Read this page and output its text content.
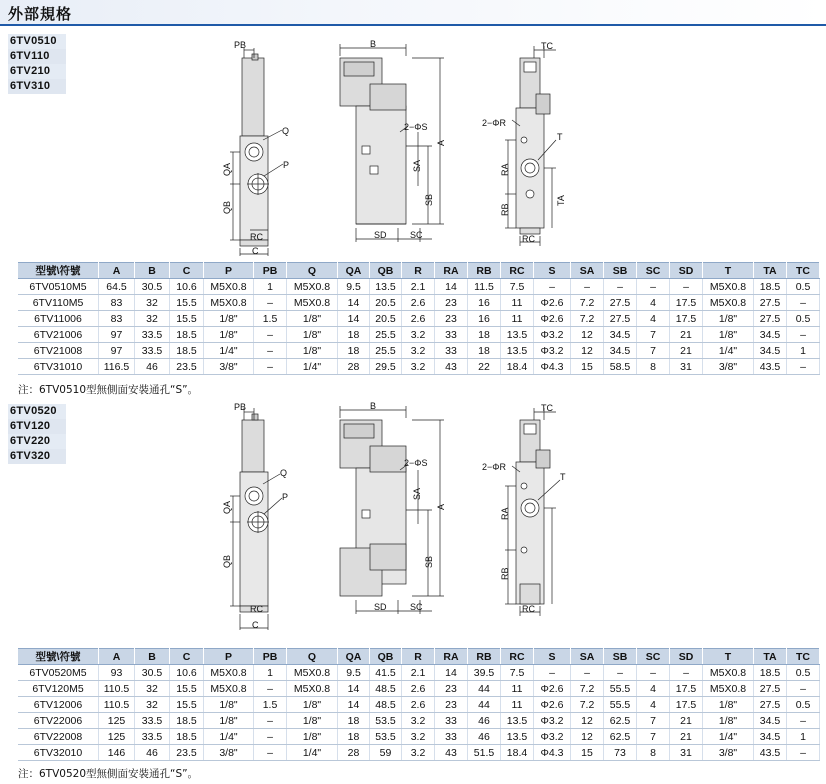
外部規格
6TV0510
6TV110
6TV210
6TV310
PB
Q
P
QA
QB
RC
C
B
2−ΦS
SA
A
SB
SD	SC
TC
2−ΦR
T
RA
RB
TA
RC
型號\符號	A	B	C	P	PB	Q	QA	QB	R	RA	RB	RC	S	SA	SB	SC	SD	T	TA	TC
6TV0510M5	64.5	30.5	10.6	M5X0.8	1	M5X0.8	9.5	13.5	2.1	14	11.5	7.5	–	–	–	–	–	M5X0.8	18.5	0.5
6TV110M5	83	32	15.5	M5X0.8	–	M5X0.8	14	20.5	2.6	23	16	11	Φ2.6	7.2	27.5	4	17.5	M5X0.8	27.5	–
6TV11006	83	32	15.5	1/8"	1.5	1/8"	14	20.5	2.6	23	16	11	Φ2.6	7.2	27.5	4	17.5	1/8"	27.5	0.5
6TV21006	97	33.5	18.5	1/8"	–	1/8"	18	25.5	3.2	33	18	13.5	Φ3.2	12	34.5	7	21	1/8"	34.5	–
6TV21008	97	33.5	18.5	1/4"	–	1/8"	18	25.5	3.2	33	18	13.5	Φ3.2	12	34.5	7	21	1/4"	34.5	1
6TV31010	116.5	46	23.5	3/8"	–	1/4"	28	29.5	3.2	43	22	18.4	Φ4.3	15	58.5	8	31	3/8"	43.5	–
注：6TV0510型無側面安裝通孔“S”。
6TV0520
6TV120
6TV220
6TV320
PB
Q
P
QA
QB
RC
C
B
2−ΦS
SA
A
SB
SD	SC
TC
2−ΦR
T
RA
RB
RC
型號\符號	A	B	C	P	PB	Q	QA	QB	R	RA	RB	RC	S	SA	SB	SC	SD	T	TA	TC
6TV0520M5	93	30.5	10.6	M5X0.8	1	M5X0.8	9.5	41.5	2.1	14	39.5	7.5	–	–	–	–	–	M5X0.8	18.5	0.5
6TV120M5	110.5	32	15.5	M5X0.8	–	M5X0.8	14	48.5	2.6	23	44	11	Φ2.6	7.2	55.5	4	17.5	M5X0.8	27.5	–
6TV12006	110.5	32	15.5	1/8"	1.5	1/8"	14	48.5	2.6	23	44	11	Φ2.6	7.2	55.5	4	17.5	1/8"	27.5	0.5
6TV22006	125	33.5	18.5	1/8"	–	1/8"	18	53.5	3.2	33	46	13.5	Φ3.2	12	62.5	7	21	1/8"	34.5	–
6TV22008	125	33.5	18.5	1/4"	–	1/8"	18	53.5	3.2	33	46	13.5	Φ3.2	12	62.5	7	21	1/4"	34.5	1
6TV32010	146	46	23.5	3/8"	–	1/4"	28	59	3.2	43	51.5	18.4	Φ4.3	15	73	8	31	3/8"	43.5	–
注：6TV0520型無側面安裝通孔“S”。
